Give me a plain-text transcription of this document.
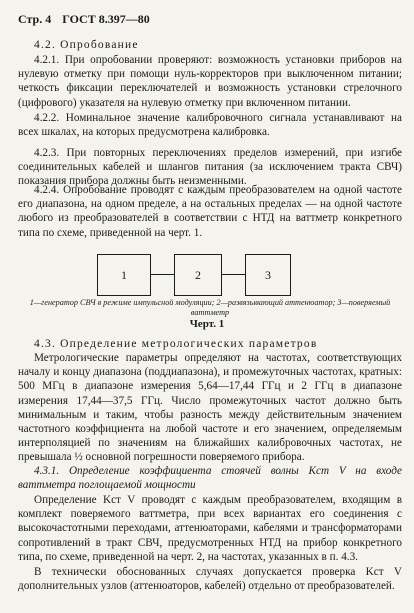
Стр. 4 ГОСТ 8.397—80
4.2. Опробование
4.2.1. При опробовании проверяют: возможность установки приборов на нулевую отметку при помощи нуль-корректоров при выключенном питании; четкость фиксации переключателей и возможность установки стрелочного (цифрового) указателя на нулевую отметку при включенном питании.
4.2.2. Номинальное значение калибровочного сигнала устанавливают на всех шкалах, на которых предусмотрена калибровка.
4.2.3. При повторных переключениях пределов измерений, при изгибе соединительных кабелей и шлангов питания (за исключением тракта СВЧ) показания прибора должны быть неизменными.
4.2.4. Опробование проводят с каждым преобразователем на одной частоте его диапазона, на одном пределе, а на остальных пределах — на одной частоте любого из преобразователей в соответствии с НТД на ваттметр конкретного типа по схеме, приведенной на черт. 1.
1	2	3
1—генератор СВЧ в режиме импульсной модуляции; 2—развязывающий аттенюатор; 3—поверяемый ваттметр
Черт. 1
4.3. Определение метрологических параметров
Метрологические параметры определяют на частотах, соответствующих началу и концу диапазона (поддиапазона), и промежуточных частотах, кратных: 500 МГц в диапазоне измерения 5,64—17,44 ГГц и 2 ГГц в диапазоне измерения 17,44—37,5 ГГц. Число промежуточных частот должно быть минимальным и таким, чтобы разность между действительным значением частотного коэффициента на любой частоте и его значением, определяемым интерполяцией по значениям на ближайших калибровочных частотах, не превышала ½ основной погрешности поверяемого прибора.
4.3.1. Определение коэффициента стоячей волны Kст V на входе ваттметра поглощаемой мощности
Определение Kст V проводят с каждым преобразователем, входящим в комплект поверяемого ваттметра, при всех вариантах его соединения с высокочастотными переходами, аттенюаторами, кабелями и трансформаторами сопротивлений в тракт СВЧ, предусмотренных НТД на прибор конкретного типа, по схеме, приведенной на черт. 2, на частотах, указанных в п. 4.3.
В технически обоснованных случаях допускается проверка Kст V дополнительных узлов (аттенюаторов, кабелей) отдельно от преобразователей.
